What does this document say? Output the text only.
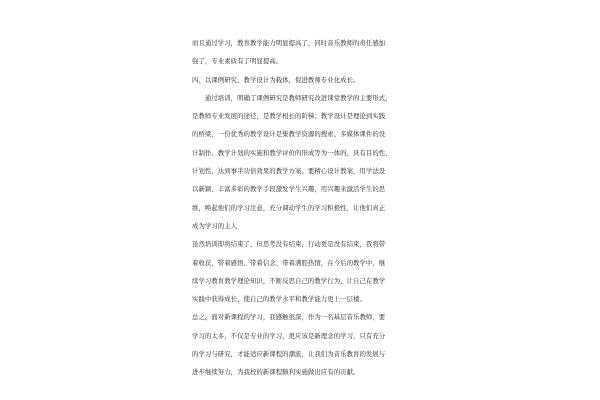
而且通过学习，教育教学能力明显提高了，同时音乐教师的责任感加
强了，专业素质有了明显提高。
四、以课例研究、教学设计为载体，促进教师专业化成长。
　　通过培训，明确了课例研究是教师研究改进课堂教学的主要形式，
是教师专业发展的途径，是教学相长的阶梯；教学设计是理论到实践
的桥梁，一份优秀的教学设计是集教学资源的搜索、多媒体课件的设
计制作、教学计划的实施和教学评价的形成等为一体的，具有目的性、
计划性，达到事半功倍效果的教学方案。要精心设计教案，用学法设
以新颖、丰富多彩的教学手段激发学生兴趣，用兴趣来激活学生的思
维，唤起他们的学习注意，充分调动学生的学习积极性，让他们真正
成为学习的主人
虽然培训即将结束了，但思考没有结束，行动更是没有结束，我将带
着收获、带着感悟、带着信念、带着满腔热情，在今后的教学中，继
续学习教育教学理论知识，不断反思自己的教学行为，让自己在教学
实践中获得成长，使自己的教学水平和教学能力更上一层楼。
总之，面对新课程的学习，我感触很深，作为一名基层音乐教师，要
学习的太多，不仅是专业的学习，更应该是新理念的学习，只有充分
的学习与研究，才能适应新课程的潮流，让我们为音乐教育的发展与
进步继续努力，为我校的新课程顺利实施做出应有的贡献。
